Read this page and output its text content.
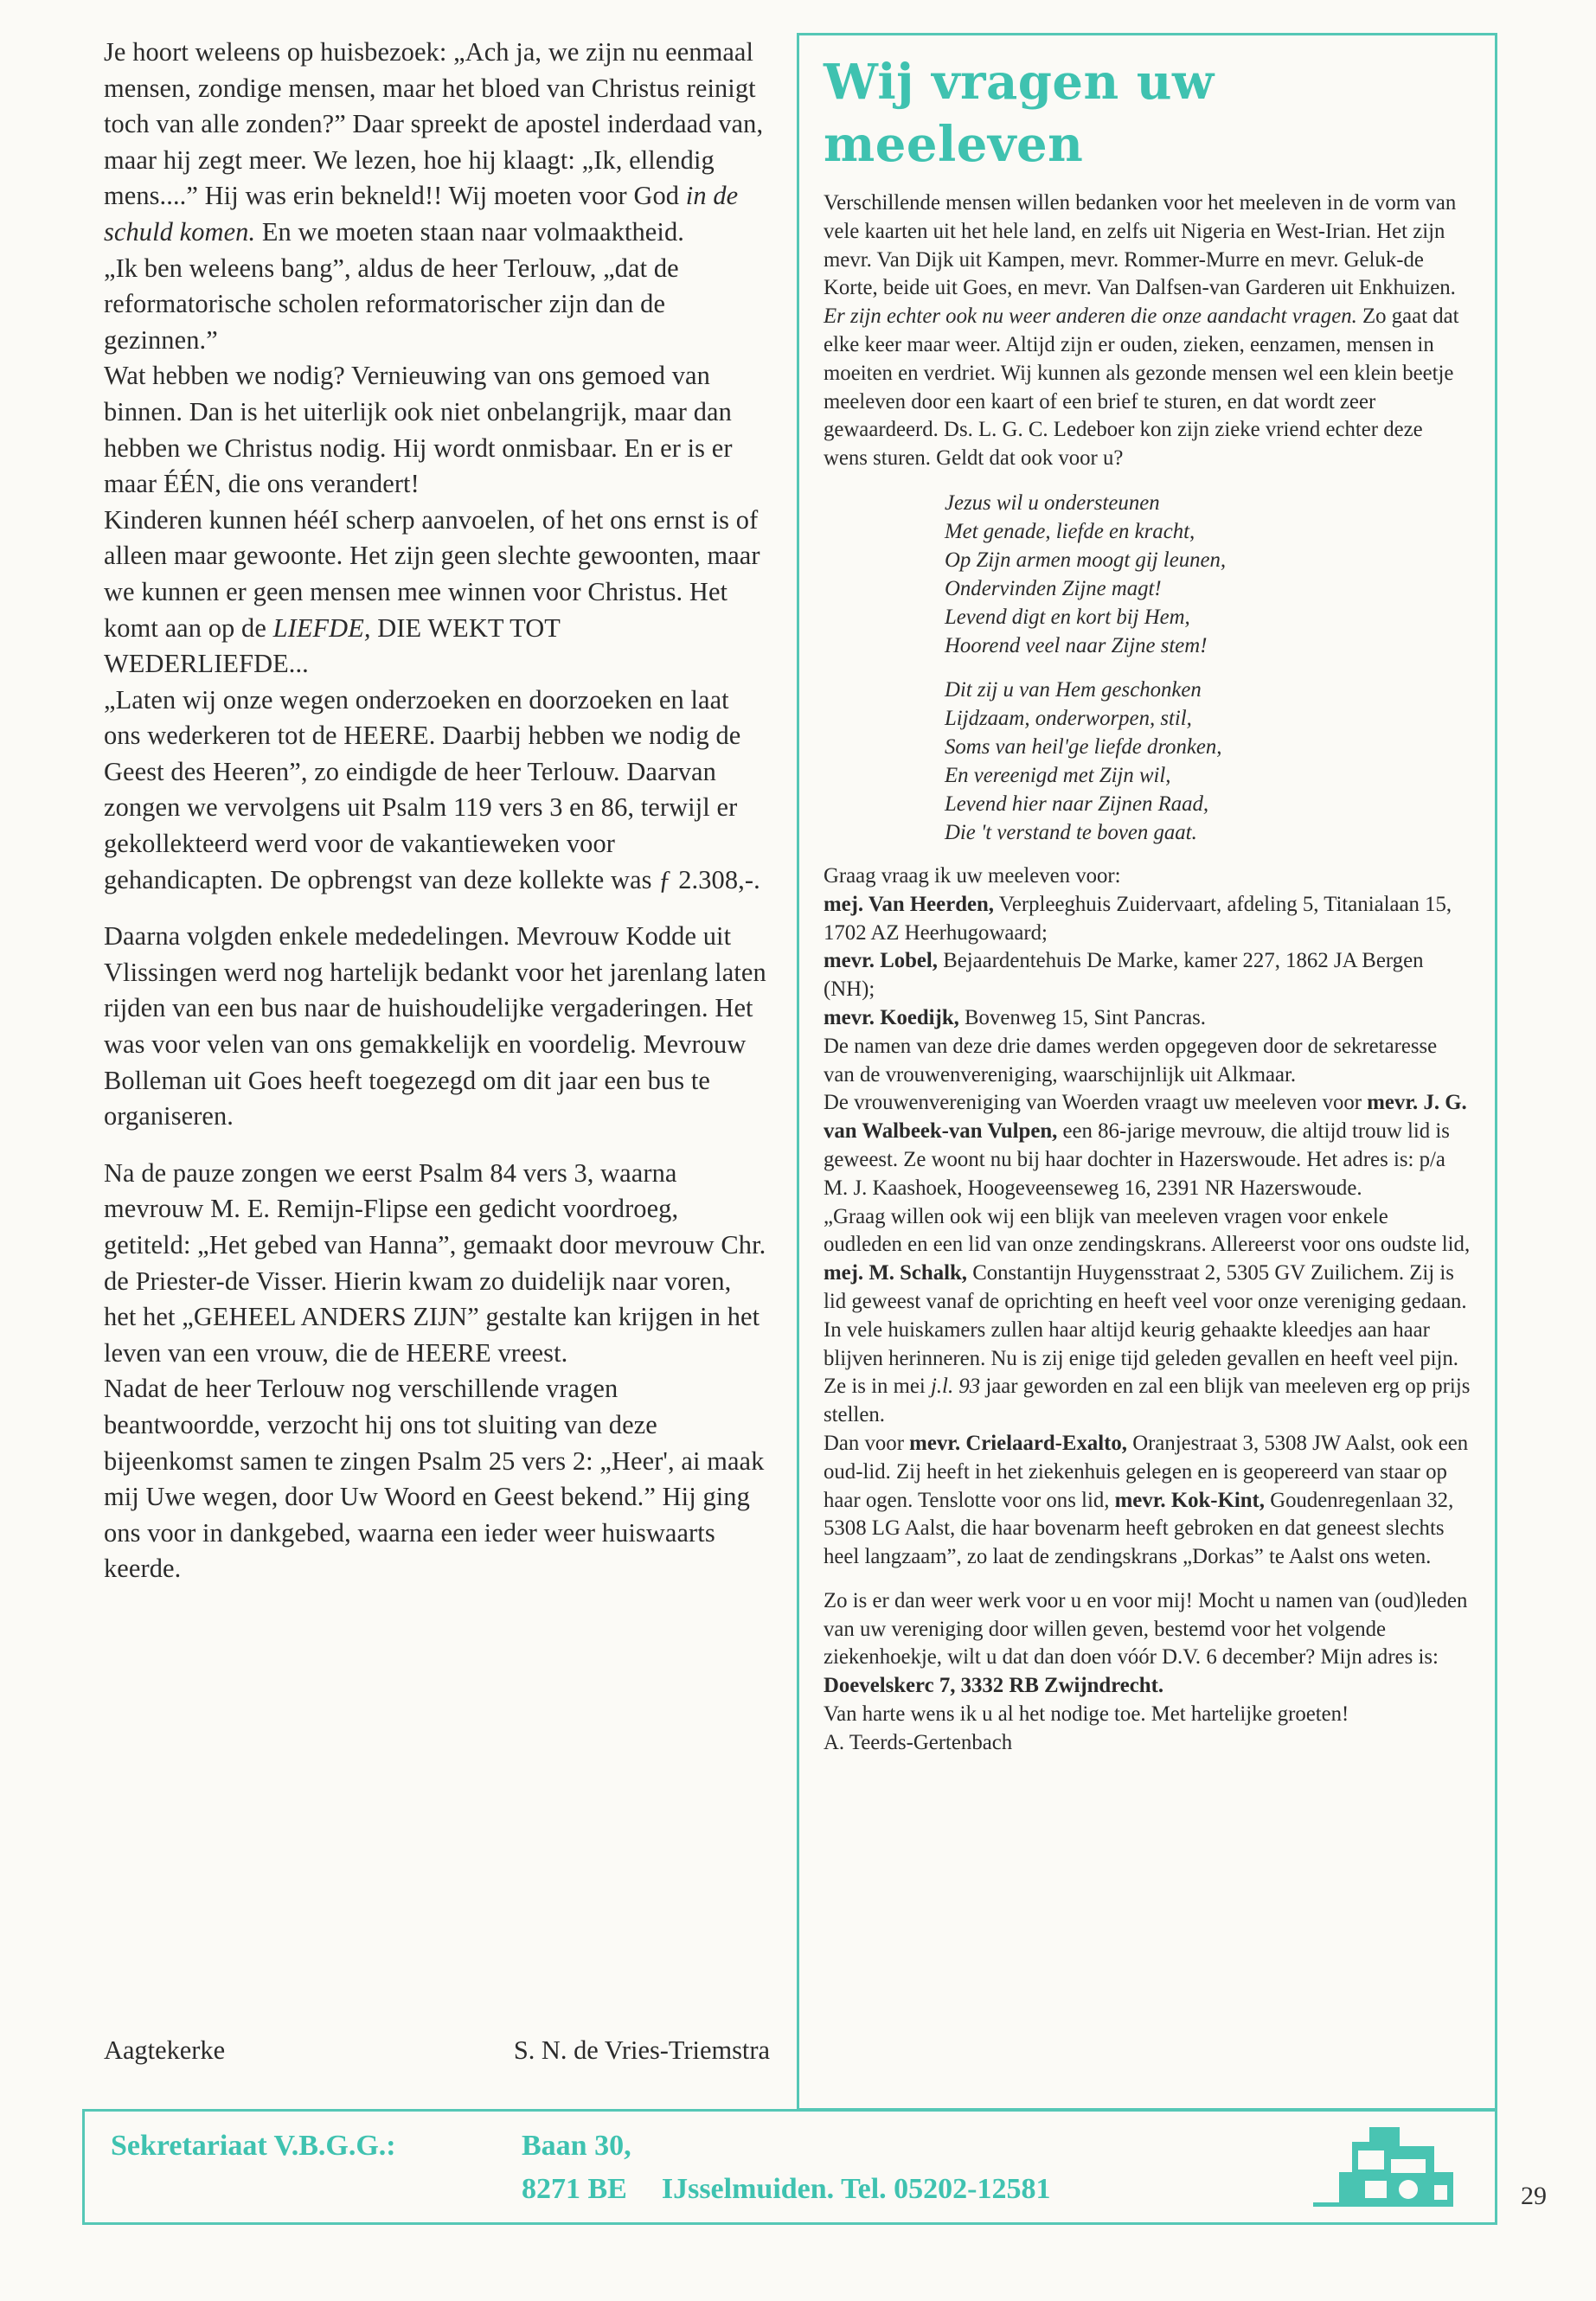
Je hoort weleens op huisbezoek: „Ach ja, we zijn nu eenmaal mensen, zondige mensen, maar het bloed van Christus reinigt toch van alle zonden?” Daar spreekt de apostel inderdaad van, maar hij zegt meer. We lezen, hoe hij klaagt: „Ik, ellendig mens....” Hij was erin bekneld!! Wij moeten voor God in de schuld komen. En we moeten staan naar volmaaktheid.

„Ik ben weleens bang”, aldus de heer Terlouw, „dat de reformatorische scholen reformatorischer zijn dan de gezinnen.”

Wat hebben we nodig? Vernieuwing van ons gemoed van binnen. Dan is het uiterlijk ook niet onbelangrijk, maar dan hebben we Christus nodig. Hij wordt onmisbaar. En er is er maar ÉÉN, die ons verandert!

Kinderen kunnen hééI scherp aanvoelen, of het ons ernst is of alleen maar gewoonte. Het zijn geen slechte gewoonten, maar we kunnen er geen mensen mee winnen voor Christus. Het komt aan op de LIEFDE, DIE WEKT TOT WEDERLIEFDE...

„Laten wij onze wegen onderzoeken en doorzoeken en laat ons wederkeren tot de HEERE. Daarbij hebben we nodig de Geest des Heeren”, zo eindigde de heer Terlouw. Daarvan zongen we vervolgens uit Psalm 119 vers 3 en 86, terwijl er gekollekteerd werd voor de vakantieweken voor gehandicapten. De opbrengst van deze kollekte was ƒ 2.308,-.

Daarna volgden enkele mededelingen. Mevrouw Kodde uit Vlissingen werd nog hartelijk bedankt voor het jarenlang laten rijden van een bus naar de huishoudelijke vergaderingen. Het was voor velen van ons gemakkelijk en voordelig. Mevrouw Bolleman uit Goes heeft toegezegd om dit jaar een bus te organiseren.

Na de pauze zongen we eerst Psalm 84 vers 3, waarna mevrouw M. E. Remijn-Flipse een gedicht voordroeg, getiteld: „Het gebed van Hanna”, gemaakt door mevrouw Chr. de Priester-de Visser. Hierin kwam zo duidelijk naar voren, het het „GEHEEL ANDERS ZIJN” gestalte kan krijgen in het leven van een vrouw, die de HEERE vreest.

Nadat de heer Terlouw nog verschillende vragen beantwoordde, verzocht hij ons tot sluiting van deze bijeenkomst samen te zingen Psalm 25 vers 2: „Heer', ai maak mij Uwe wegen, door Uw Woord en Geest bekend.” Hij ging ons voor in dankgebed, waarna een ieder weer huiswaarts keerde.

Aagtekerke	S. N. de Vries-Triemstra
Wij vragen uw meeleven

Verschillende mensen willen bedanken voor het meeleven in de vorm van vele kaarten uit het hele land, en zelfs uit Nigeria en West-Irian. Het zijn mevr. Van Dijk uit Kampen, mevr. Rommer-Murre en mevr. Geluk-de Korte, beide uit Goes, en mevr. Van Dalfsen-van Garderen uit Enkhuizen.
Er zijn echter ook nu weer anderen die onze aandacht vragen. Zo gaat dat elke keer maar weer. Altijd zijn er ouden, zieken, eenzamen, mensen in moeiten en verdriet. Wij kunnen als gezonde mensen wel een klein beetje meeleven door een kaart of een brief te sturen, en dat wordt zeer gewaardeerd. Ds. L. G. C. Ledeboer kon zijn zieke vriend echter deze wens sturen. Geldt dat ook voor u?

Jezus wil u ondersteunen
Met genade, liefde en kracht,
Op Zijn armen moogt gij leunen,
Ondervinden Zijne magt!
Levend digt en kort bij Hem,
Hoorend veel naar Zijne stem!
Dit zij u van Hem geschonken
Lijdzaam, onderworpen, stil,
Soms van heil'ge liefde dronken,
En vereenigd met Zijn wil,
Levend hier naar Zijnen Raad,
Die 't verstand te boven gaat.

Graag vraag ik uw meeleven voor:
mej. Van Heerden, Verpleeghuis Zuidervaart, afdeling 5, Titanialaan 15, 1702 AZ Heerhugowaard;
mevr. Lobel, Bejaardentehuis De Marke, kamer 227, 1862 JA Bergen (NH);
mevr. Koedijk, Bovenweg 15, Sint Pancras.
De namen van deze drie dames werden opgegeven door de sekretaresse van de vrouwenvereniging, waarschijnlijk uit Alkmaar.
De vrouwenvereniging van Woerden vraagt uw meeleven voor mevr. J. G. van Walbeek-van Vulpen, een 86-jarige mevrouw, die altijd trouw lid is geweest. Ze woont nu bij haar dochter in Hazerswoude. Het adres is: p/a M. J. Kaashoek, Hoogeveenseweg 16, 2391 NR Hazerswoude.
„Graag willen ook wij een blijk van meeleven vragen voor enkele oudleden en een lid van onze zendingskrans. Allereerst voor ons oudste lid, mej. M. Schalk, Constantijn Huygensstraat 2, 5305 GV Zuilichem. Zij is lid geweest vanaf de oprichting en heeft veel voor onze vereniging gedaan. In vele huiskamers zullen haar altijd keurig gehaakte kleedjes aan haar blijven herinneren. Nu is zij enige tijd geleden gevallen en heeft veel pijn. Ze is in mei j.l. 93 jaar geworden en zal een blijk van meeleven erg op prijs stellen.
Dan voor mevr. Crielaard-Exalto, Oranjestraat 3, 5308 JW Aalst, ook een oud-lid. Zij heeft in het ziekenhuis gelegen en is geopereerd van staar op haar ogen. Tenslotte voor ons lid, mevr. Kok-Kint, Goudenregenlaan 32, 5308 LG Aalst, die haar bovenarm heeft gebroken en dat geneest slechts heel langzaam”, zo laat de zendingskrans „Dorkas” te Aalst ons weten.

Zo is er dan weer werk voor u en voor mij! Mocht u namen van (oud)leden van uw vereniging door willen geven, bestemd voor het volgende ziekenhoekje, wilt u dat dan doen vóór D.V. 6 december? Mijn adres is:
Doevelskerc 7, 3332 RB Zwijndrecht.
Van harte wens ik u al het nodige toe. Met hartelijke groeten!
A. Teerds-Gertenbach

Sekretariaat V.B.G.G.:	Baan 30,
8271 BE IJsselmuiden. Tel. 05202-12581	29
